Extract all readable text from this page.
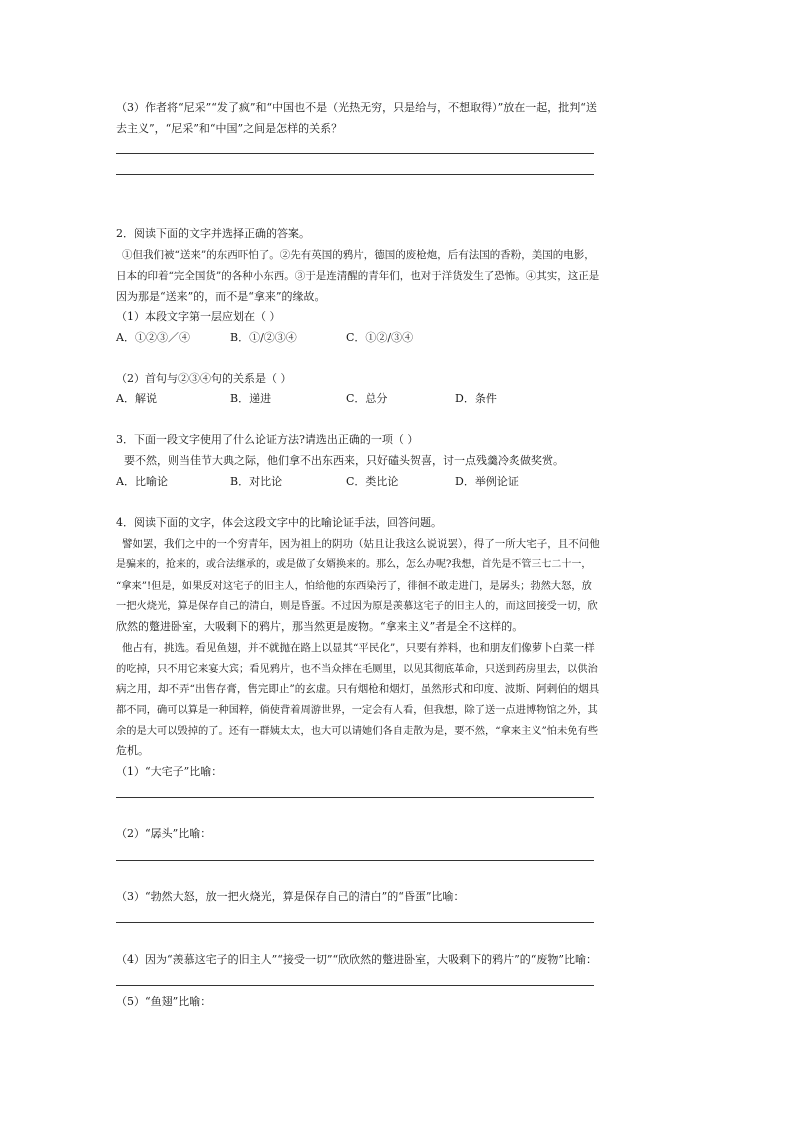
（3）作者将“尼采”“发了疯”和“中国也不是（光热无穷，只是给与，不想取得）”放在一起，批判“送
去主义”，“尼采”和“中国”之间是怎样的关系？
2．阅读下面的文字并选择正确的答案。
①但我们被“送来”的东西吓怕了。②先有英国的鸦片，德国的废枪炮，后有法国的香粉，美国的电影，
日本的印着“完全国货”的各种小东西。③于是连清醒的青年们，也对于洋货发生了恐怖。④其实，这正是
因为那是“送来”的，而不是“拿来”的缘故。
（1）本段文字第一层应划在（ ）
A．①②③／④	B．①/②③④	C．①②/③④
（2）首句与②③④句的关系是（ ）
A．解说	B．递进	C．总分	D．条件
3．下面一段文字使用了什么论证方法?请选出正确的一项（ ）
要不然，则当佳节大典之际，他们拿不出东西来，只好磕头贺喜，讨一点残羹冷炙做奖赏。
A．比喻论	B．对比论	C．类比论	D．举例论证
4．阅读下面的文字，体会这段文字中的比喻论证手法，回答问题。
譬如罢，我们之中的一个穷青年，因为祖上的阴功（姑且让我这么说说罢），得了一所大宅子，且不问他
是骗来的，抢来的，或合法继承的，或是做了女婿换来的。那么，怎么办呢?我想，首先是不管三七二十一，
“拿来”!但是，如果反对这宅子的旧主人，怕给他的东西染污了，徘徊不敢走进门，是孱头；勃然大怒，放
一把火烧光，算是保存自己的清白，则是昏蛋。不过因为原是羡慕这宅子的旧主人的，而这回接受一切，欣
欣然的蹩进卧室，大吸剩下的鸦片，那当然更是废物。“拿来主义”者是全不这样的。
他占有，挑选。看见鱼翅，并不就抛在路上以显其“平民化”，只要有养料，也和朋友们像萝卜白菜一样
的吃掉，只不用它来宴大宾；看见鸦片，也不当众摔在毛厕里，以见其彻底革命，只送到药房里去，以供治
病之用，却不弄“出售存膏，售完即止”的玄虚。只有烟枪和烟灯，虽然形式和印度、波斯、阿剌伯的烟具
都不同，确可以算是一种国粹，倘使背着周游世界，一定会有人看，但我想，除了送一点进博物馆之外，其
余的是大可以毁掉的了。还有一群姨太太，也大可以请她们各自走散为是，要不然，“拿来主义”怕未免有些
危机。
（1）“大宅子”比喻：
（2）“孱头”比喻：
（3）“勃然大怒，放一把火烧光，算是保存自己的清白”的“昏蛋”比喻：
（4）因为“羡慕这宅子的旧主人”“接受一切”“欣欣然的蹩进卧室，大吸剩下的鸦片”的“废物”比喻：
（5）“鱼翅”比喻：
